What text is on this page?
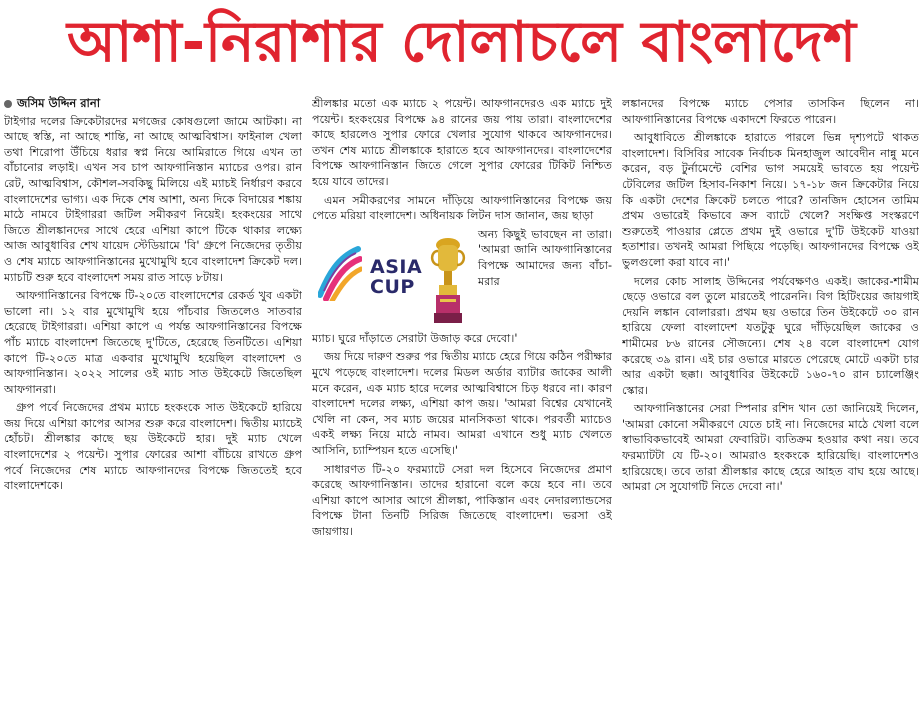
আশা-নিরাশার দোলাচলে বাংলাদেশ
জসিম উদ্দিন রানা

টাইগার দলের ক্রিকেটারদের মগজের কোষগুলো জামে আটকা। না আছে স্বস্তি, না আছে শান্তি, না আছে আত্মবিশ্বাস। ফাইনাল খেলা তথা শিরোপা উঁচিয়ে ধরার স্বপ্ন নিয়ে আমিরাতে গিয়ে এখন তা বাঁচানোর লড়াই। এখন সব চাপ আফগানিস্তান ম্যাচের ওপর। রান রেট, আত্মবিশ্বাস, কৌশল-সবকিছু মিলিয়ে এই ম্যাচই নির্ধারণ করবে বাংলাদেশের ভাগ্য। এক দিকে শেষ আশা, অন্য দিকে বিদায়ের শঙ্কায় মাঠে নামবে টাইগাররা জটিল সমীকরণ নিয়েই। হংকংয়ের সাথে জিতে শ্রীলঙ্কানদের সাথে হেরে এশিয়া কাপে টিকে থাকার লক্ষ্যে আজ আবুধাবির শেখ যায়েদ স্টেডিয়ামে 'বি' গ্রুপে নিজেদের তৃতীয় ও শেষ ম্যাচে আফগানিস্তানের মুখোমুখি হবে বাংলাদেশ ক্রিকেট দল। ম্যাচটি শুরু হবে বাংলাদেশ সময় রাত সাড়ে ৮টায়।

আফগানিস্তানের বিপক্ষে টি-২০তে বাংলাদেশের রেকর্ড খুব একটা ভালো না। ১২ বার মুখোমুখি হয়ে পাঁচবার জিতলেও সাতবার হেরেছে টাইগাররা। এশিয়া কাপে এ পর্যন্ত আফগানিস্তানের বিপক্ষে পাঁচ ম্যাচে বাংলাদেশ জিতেছে দু'টিতে, হেরেছে তিনটিতে। এশিয়া কাপে টি-২০তে মাত্র একবার মুখোমুখি হয়েছিল বাংলাদেশ ও আফগানিস্তান। ২০২২ সালের ওই ম্যাচ সাত উইকেটে জিতেছিল আফগানরা।

গ্রুপ পর্বে নিজেদের প্রথম ম্যাচে হংকংকে সাত উইকেটে হারিয়ে জয় দিয়ে এশিয়া কাপের আসর শুরু করে বাংলাদেশ। দ্বিতীয় ম্যাচেই হোঁচট। শ্রীলঙ্কার কাছে ছয় উইকেটে হার। দুই ম্যাচ খেলে বাংলাদেশের ২ পয়েন্ট। সুপার ফোরের আশা বাঁচিয়ে রাখতে গ্রুপ পর্বে নিজেদের শেষ ম্যাচে আফগানদের বিপক্ষে জিততেই হবে বাংলাদেশকে।

শ্রীলঙ্কার মতো এক ম্যাচে ২ পয়েন্ট। আফগানদেরও এক ম্যাচে দুই পয়েন্ট। হংকংয়ের বিপক্ষে ৯৪ রানের জয় পায় তারা। বাংলাদেশের কাছে হারলেও সুপার ফোরে খেলার সুযোগ থাকবে আফগানদের। তখন শেষ ম্যাচে শ্রীলঙ্কাকে হারাতে হবে আফগানদের। বাংলাদেশের বিপক্ষে আফগানিস্তান জিতে গেলে সুপার ফোরের টিকিট নিশ্চিত হয়ে যাবে তাদের।

এমন সমীকরণের সামনে দাঁড়িয়ে আফগানিস্তানের বিপক্ষে জয় পেতে মরিয়া বাংলাদেশ। অধিনায়ক লিটন দাস জানান, জয় ছাড়া

ASIA
CUP

অন্য কিছুই ভাবছেন না তারা। 'আমরা জানি আফগানিস্তানের বিপক্ষে আমাদের জন্য বাঁচা-মরার

ম্যাচ। ঘুরে দাঁড়াতে সেরাটা উজাড় করে দেবো।'

জয় দিয়ে দারুণ শুরুর পর দ্বিতীয় ম্যাচে হেরে গিয়ে কঠিন পরীক্ষার মুখে পড়েছে বাংলাদেশ। দলের মিডল অর্ডার ব্যাটার জাকের আলী মনে করেন, এক ম্যাচ হারে দলের আত্মবিশ্বাসে চিড় ধরবে না। কারণ বাংলাদেশ দলের লক্ষ্য, এশিয়া কাপ জয়। 'আমরা বিশ্বের যেখানেই খেলি না কেন, সব ম্যাচ জয়ের মানসিকতা থাকে। পরবর্তী ম্যাচেও একই লক্ষ্য নিয়ে মাঠে নামব। আমরা এখানে শুধু ম্যাচ খেলতে আসিনি, চ্যাম্পিয়ন হতে এসেছি।'

সাধারণত টি-২০ ফরম্যাটে সেরা দল হিসেবে নিজেদের প্রমাণ করেছে আফগানিস্তান। তাদের হারানো বলে কয়ে হবে না। তবে এশিয়া কাপে আসার আগে শ্রীলঙ্কা, পাকিস্তান এবং নেদারল্যান্ডসের বিপক্ষে টানা তিনটি সিরিজ জিতেছে বাংলাদেশ। ভরসা ওই জায়গায়।

লঙ্কানদের বিপক্ষে ম্যাচে পেসার তাসকিন ছিলেন না। আফগানিস্তানের বিপক্ষে একাদশে ফিরতে পারেন।

আবুধাবিতে শ্রীলঙ্কাকে হারাতে পারলে ভিন্ন দৃশ্যপটে থাকত বাংলাদেশ। বিসিবির সাবেক নির্বাচক মিনহাজুল আবেদীন নান্নু মনে করেন, বড় টুর্নামেন্টে বেশির ভাগ সময়েই ভাবতে হয় পয়েন্ট টেবিলের জটিল হিসাব-নিকাশ নিয়ে। ১৭-১৮ জন ক্রিকেটার নিয়ে কি একটা দেশের ক্রিকেট চলতে পারে? তানজিদ হোসেন তামিম প্রথম ওভারেই কিভাবে ক্রস ব্যাটে খেলে? সংক্ষিপ্ত সংস্করণে শুরুতেই পাওয়ার প্লেতে প্রথম দুই ওভারে দু'টি উইকেট যাওয়া হতাশার। তখনই আমরা পিছিয়ে পড়েছি। আফগানদের বিপক্ষে ওই ভুলগুলো করা যাবে না।'

দলের কোচ সালাহ উদ্দিনের পর্যবেক্ষণও একই। জাকের-শামীম ছেড়ে ওভারে বল তুলে মারতেই পারেননি। বিগ হিটিংয়ের জায়গাই দেয়নি লঙ্কান বোলাররা। প্রথম ছয় ওভারে তিন উইকেটে ৩০ রান হারিয়ে ফেলা বাংলাদেশ যতটুকু ঘুরে দাঁড়িয়েছিল জাকের ও শামীমের ৮৬ রানের সৌজন্যে। শেষ ২৪ বলে বাংলাদেশ যোগ করেছে ৩৯ রান। এই চার ওভারে মারতে পেরেছে মোটে একটা চার আর একটা ছক্কা। আবুধাবির উইকেটে ১৬০-৭০ রান চ্যালেঞ্জিং স্কোর।

আফগানিস্তানের সেরা স্পিনার রশিদ খান তো জানিয়েই দিলেন, 'আমরা কোনো সমীকরণে যেতে চাই না। নিজেদের মাঠে খেলা বলে স্বাভাবিকভাবেই আমরা ফেবারিট। ব্যতিক্রম হওয়ার কথা নয়। তবে ফরম্যাটটা যে টি-২০। আমরাও হংকংকে হারিয়েছি। বাংলাদেশও হারিয়েছে। তবে তারা শ্রীলঙ্কার কাছে হেরে আহত বাঘ হয়ে আছে। আমরা সে সুযোগটি নিতে দেবো না।'
